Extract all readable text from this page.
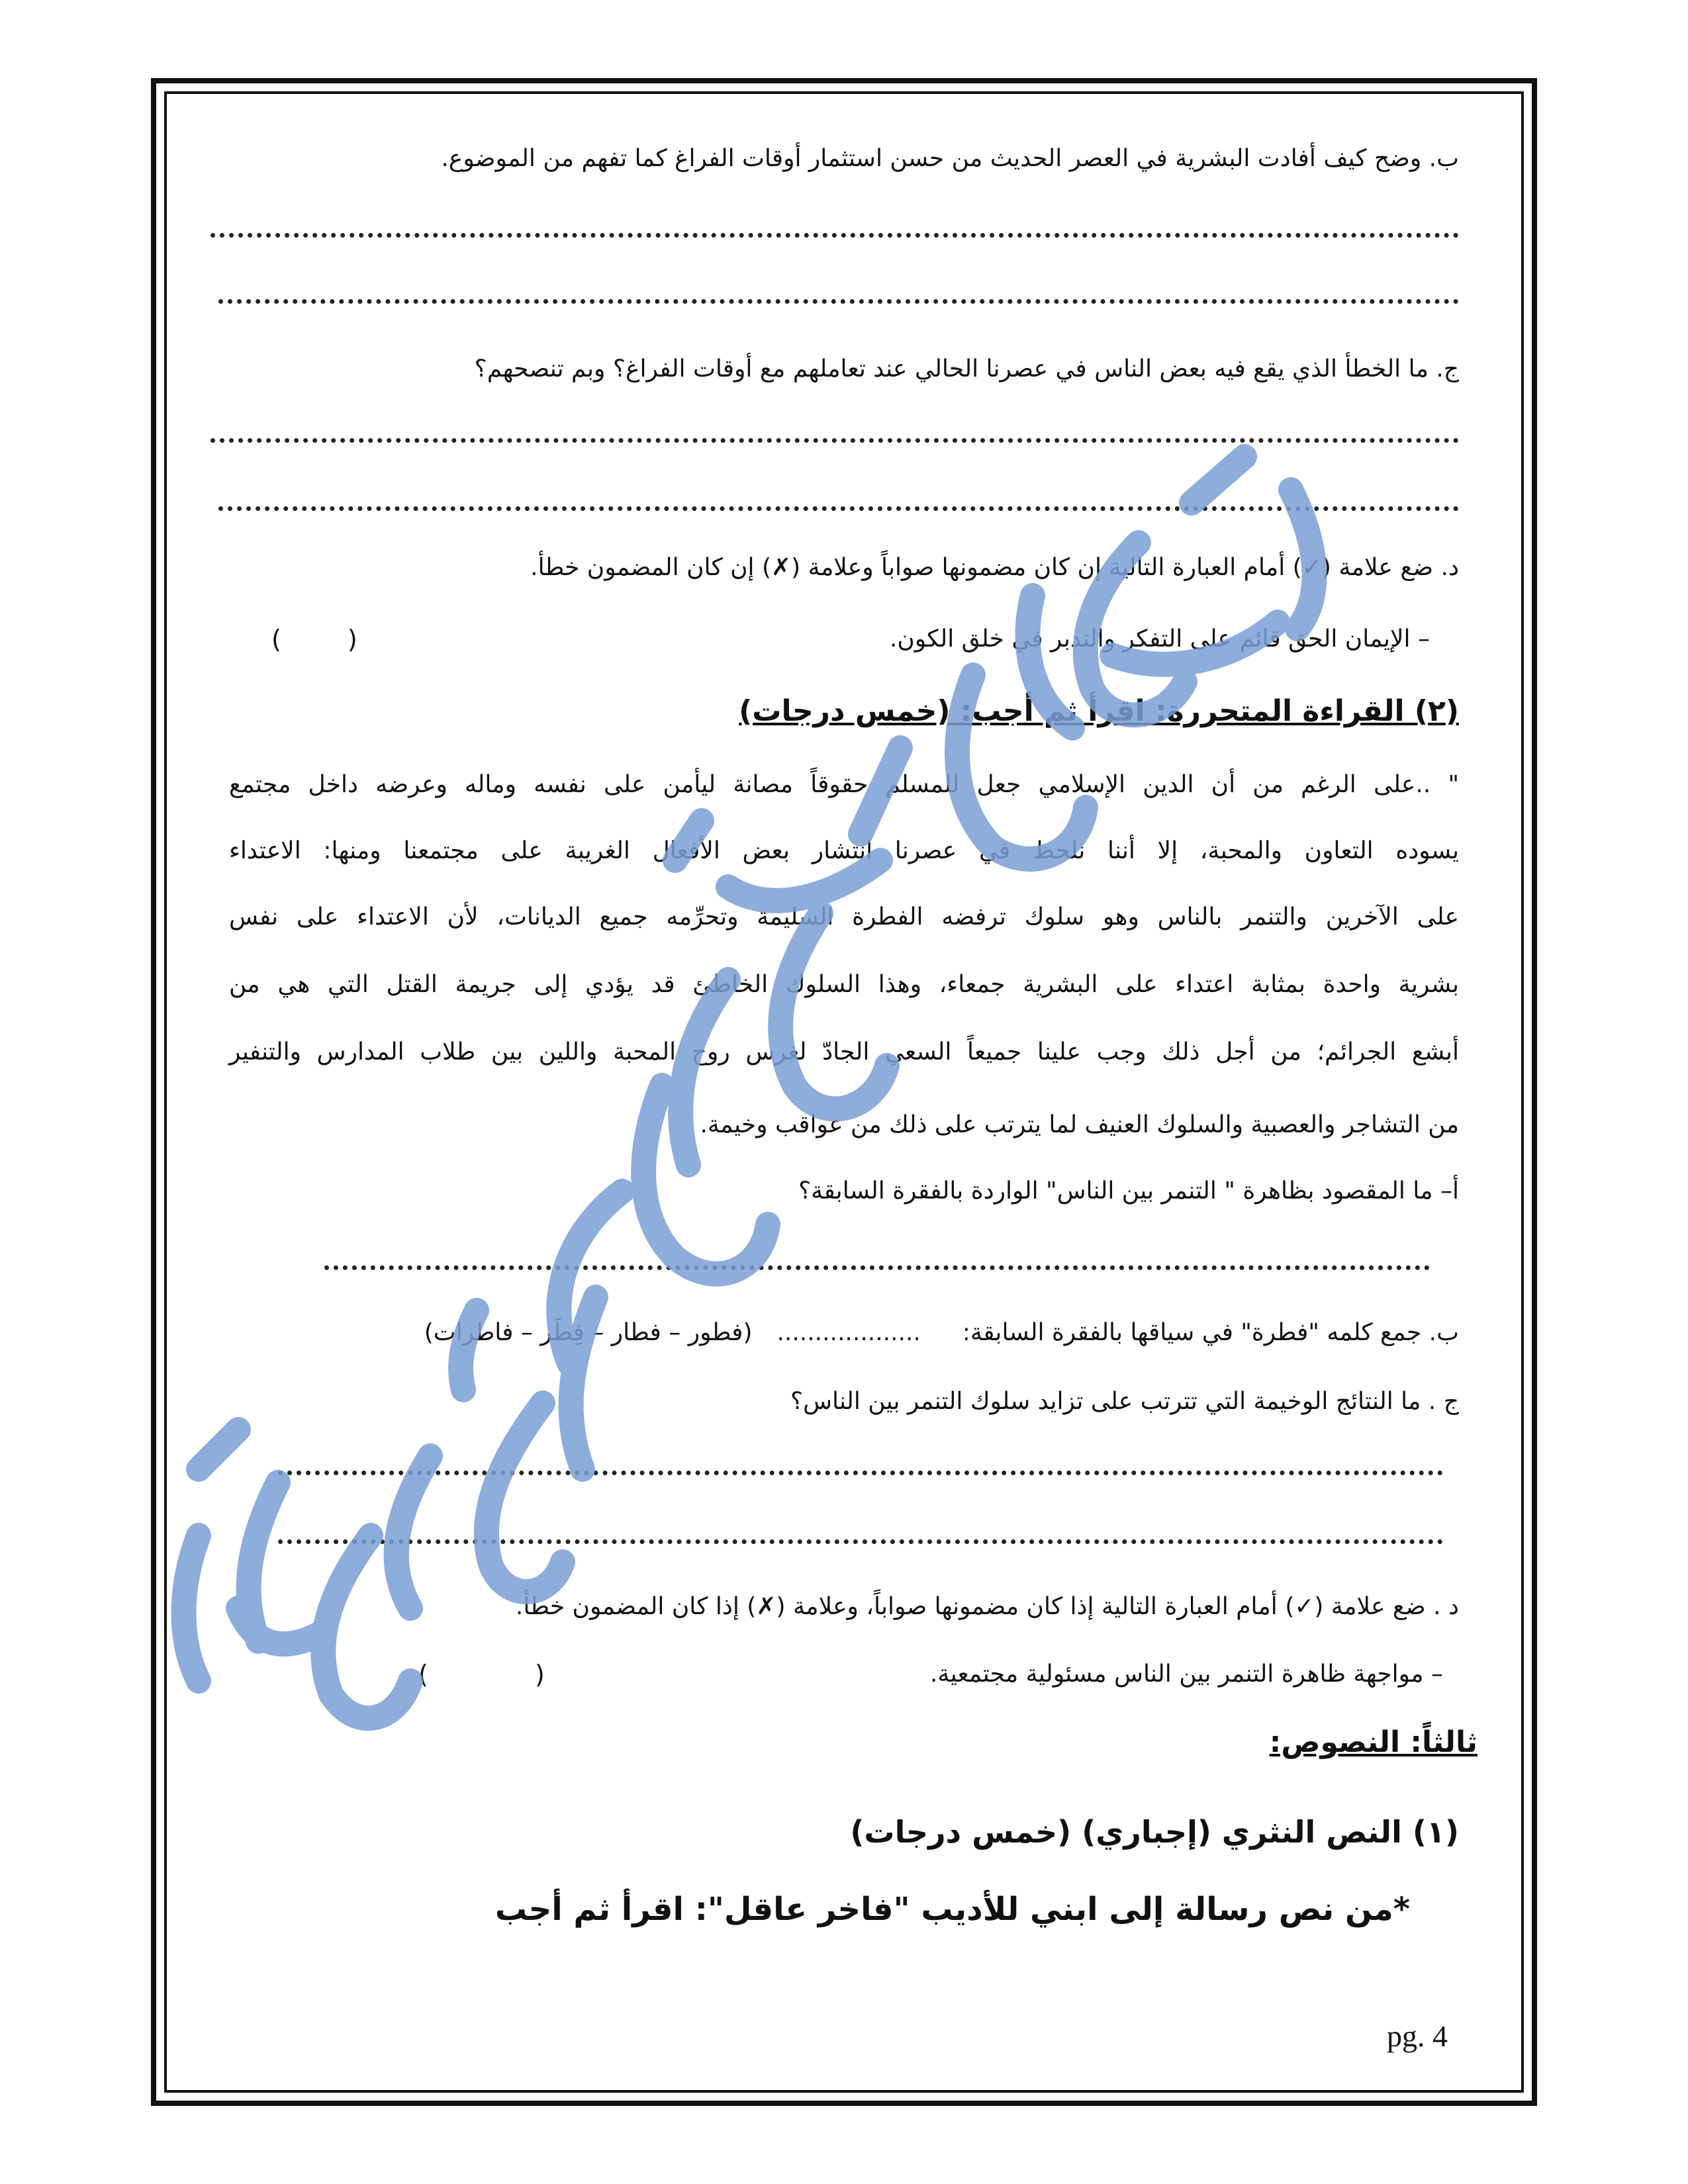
ب. وضح كيف أفادت البشرية في العصر الحديث من حسن استثمار أوقات الفراغ كما تفهم من الموضوع.
ج. ما الخطأ الذي يقع فيه بعض الناس في عصرنا الحالي عند تعاملهم مع أوقات الفراغ؟ وبم تنصحهم؟
د. ضع علامة (✓) أمام العبارة التالية إن كان مضمونها صواباً وعلامة (✗) إن كان المضمون خطأ.
– الإيمان الحق قائم على التفكر والتدبر في خلق الكون.
(	)
(٢) القراءة المتحررة: اقرأ ثم أجب: (خمس درجات)
" ..على الرغم من أن الدين الإسلامي جعل للمسلم حقوقاً مصانة ليأمن على نفسه وماله وعرضه داخل مجتمع
يسوده التعاون والمحبة، إلا أننا نلحظ في عصرنا انتشار بعض الأفعال الغريبة على مجتمعنا ومنها: الاعتداء
على الآخرين والتنمر بالناس وهو سلوك ترفضه الفطرة السليمة وتحرِّمه جميع الديانات، لأن الاعتداء على نفس
بشرية واحدة بمثابة اعتداء على البشرية جمعاء، وهذا السلوك الخاطئ قد يؤدي إلى جريمة القتل التي هي من
أبشع الجرائم؛ من أجل ذلك وجب علينا جميعاً السعي الجادّ لغرس روح المحبة واللين بين طلاب المدارس والتنفير
من التشاجر والعصبية والسلوك العنيف لما يترتب على ذلك من عواقب وخيمة.
أ– ما المقصود بظاهرة " التنمر بين الناس" الواردة بالفقرة السابقة؟
ب. جمع كلمه "فطرة" في سياقها بالفقرة السابقة:  ...................  (فطور – فطار – فِطَر – فاطرات)
ج . ما النتائج الوخيمة التي تترتب على تزايد سلوك التنمر بين الناس؟
د . ضع علامة (✓) أمام العبارة التالية إذا كان مضمونها صواباً، وعلامة (✗) إذا كان المضمون خطأ.
– مواجهة ظاهرة التنمر بين الناس مسئولية مجتمعية.
(	)
ثالثاً: النصوص:
(١) النص النثري (إجباري) (خمس درجات)
*من نص رسالة إلى ابني للأديب "فاخر عاقل": اقرأ ثم أجب
pg. 4
